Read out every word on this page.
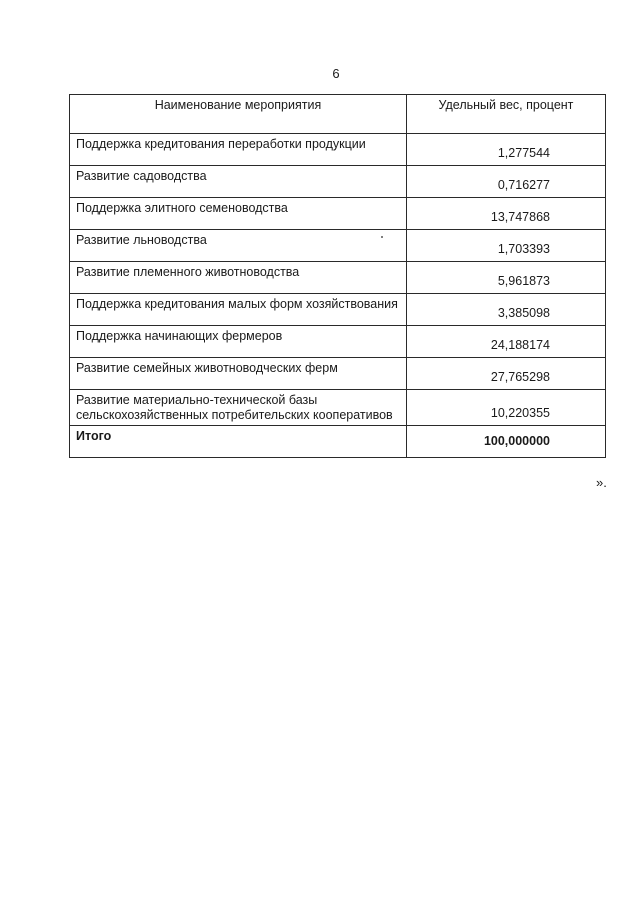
6
Наименование мероприятия	Удельный вес, процент
Поддержка кредитования переработки продукции	1,277544
Развитие садоводства	0,716277
Поддержка элитного семеноводства	13,747868
Развитие льноводства	1,703393
Развитие племенного животноводства	5,961873
Поддержка кредитования малых форм хозяйствования	3,385098
Поддержка начинающих фермеров	24,188174
Развитие семейных животноводческих ферм	27,765298
Развитие материально-технической базы сельскохозяйственных потребительских кооперативов	10,220355
Итого	100,000000
».
